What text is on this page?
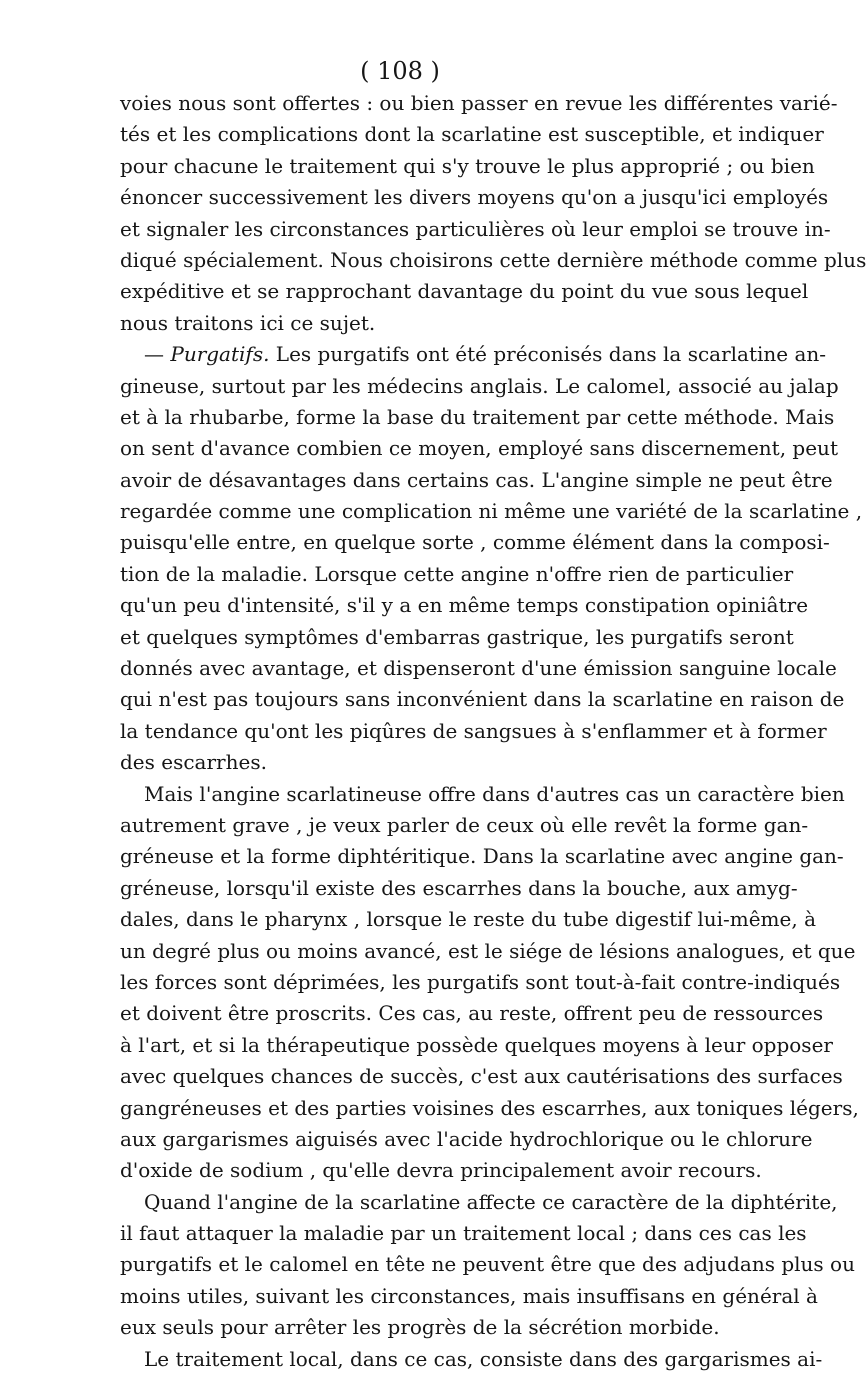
( 108 )
voies nous sont offertes : ou bien passer en revue les différentes varié-
tés et les complications dont la scarlatine est susceptible, et indiquer
pour chacune le traitement qui s'y trouve le plus approprié ; ou bien
énoncer successivement les divers moyens qu'on a jusqu'ici employés
et signaler les circonstances particulières où leur emploi se trouve in-
diqué spécialement. Nous choisirons cette dernière méthode comme plus
expéditive et se rapprochant davantage du point du vue sous lequel
nous traitons ici ce sujet.
— Purgatifs. Les purgatifs ont été préconisés dans la scarlatine an-
gineuse, surtout par les médecins anglais. Le calomel, associé au jalap
et à la rhubarbe, forme la base du traitement par cette méthode. Mais
on sent d'avance combien ce moyen, employé sans discernement, peut
avoir de désavantages dans certains cas. L'angine simple ne peut être
regardée comme une complication ni même une variété de la scarlatine ,
puisqu'elle entre, en quelque sorte , comme élément dans la composi-
tion de la maladie. Lorsque cette angine n'offre rien de particulier
qu'un peu d'intensité, s'il y a en même temps constipation opiniâtre
et quelques symptômes d'embarras gastrique, les purgatifs seront
donnés avec avantage, et dispenseront d'une émission sanguine locale
qui n'est pas toujours sans inconvénient dans la scarlatine en raison de
la tendance qu'ont les piqûres de sangsues à s'enflammer et à former
des escarrhes.
Mais l'angine scarlatineuse offre dans d'autres cas un caractère bien
autrement grave , je veux parler de ceux où elle revêt la forme gan-
gréneuse et la forme diphtéritique. Dans la scarlatine avec angine gan-
gréneuse, lorsqu'il existe des escarrhes dans la bouche, aux amyg-
dales, dans le pharynx , lorsque le reste du tube digestif lui-même, à
un degré plus ou moins avancé, est le siége de lésions analogues, et que
les forces sont déprimées, les purgatifs sont tout-à-fait contre-indiqués
et doivent être proscrits. Ces cas, au reste, offrent peu de ressources
à l'art, et si la thérapeutique possède quelques moyens à leur opposer
avec quelques chances de succès, c'est aux cautérisations des surfaces
gangréneuses et des parties voisines des escarrhes, aux toniques légers,
aux gargarismes aiguisés avec l'acide hydrochlorique ou le chlorure
d'oxide de sodium , qu'elle devra principalement avoir recours.
Quand l'angine de la scarlatine affecte ce caractère de la diphtérite,
il faut attaquer la maladie par un traitement local ; dans ces cas les
purgatifs et le calomel en tête ne peuvent être que des adjudans plus ou
moins utiles, suivant les circonstances, mais insuffisans en général à
eux seuls pour arrêter les progrès de la sécrétion morbide.
Le traitement local, dans ce cas, consiste dans des gargarismes ai-
